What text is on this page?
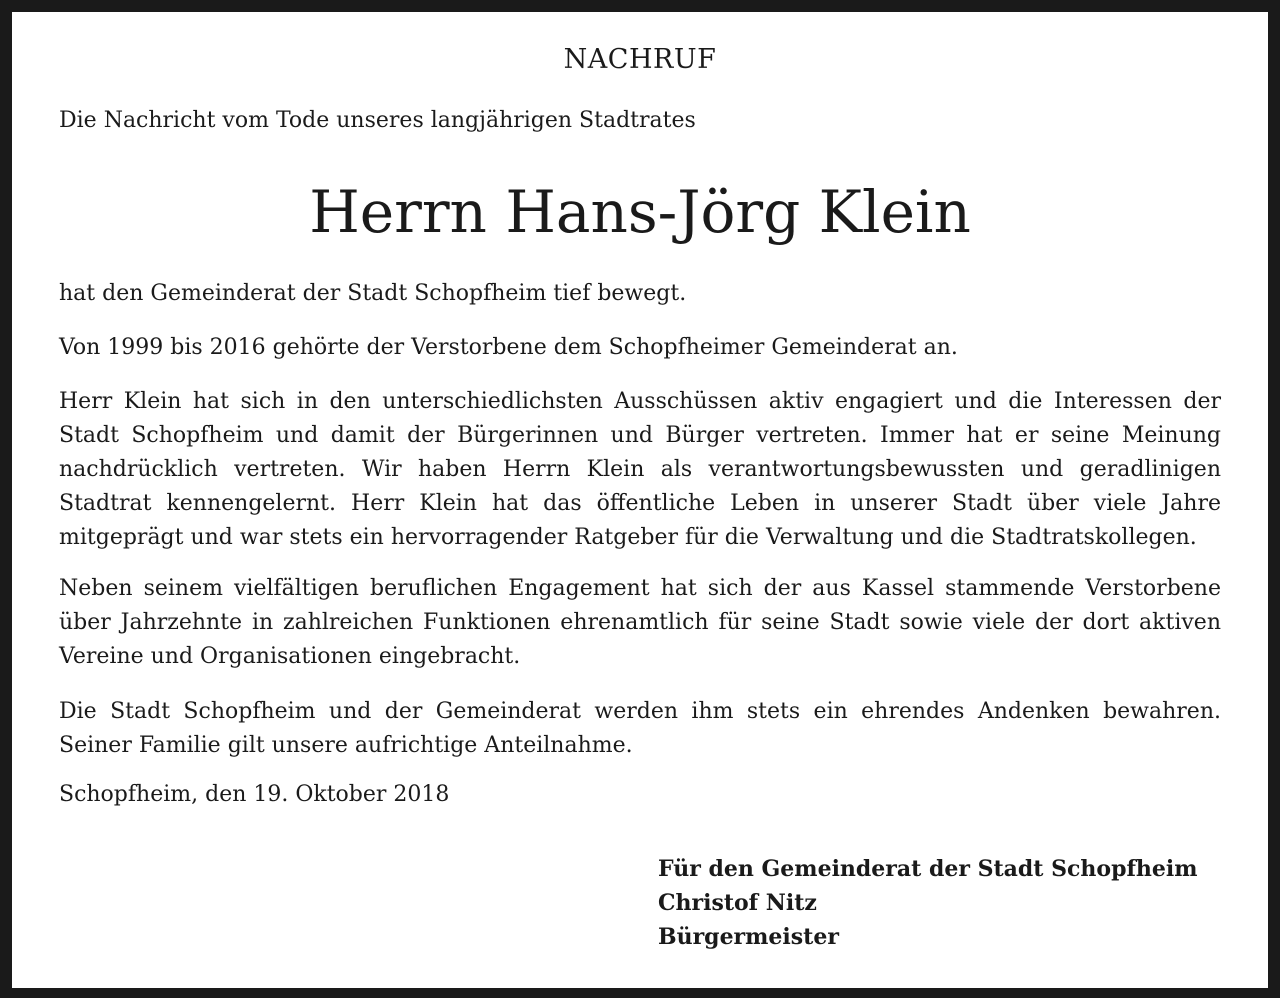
NACHRUF
Die Nachricht vom Tode unseres langjährigen Stadtrates
Herrn Hans-Jörg Klein
hat den Gemeinderat der Stadt Schopfheim tief bewegt.
Von 1999 bis 2016 gehörte der Verstorbene dem Schopfheimer Gemeinderat an.
Herr Klein hat sich in den unterschiedlichsten Ausschüssen aktiv engagiert und die Interessen der Stadt Schopfheim und damit der Bürgerinnen und Bürger vertreten. Immer hat er seine Meinung nachdrücklich vertreten. Wir haben Herrn Klein als verantwortungsbewussten und geradlinigen Stadtrat kennengelernt. Herr Klein hat das öffentliche Leben in unserer Stadt über viele Jahre mitgeprägt und war stets ein hervorragender Ratgeber für die Verwaltung und die Stadtratskollegen.
Neben seinem vielfältigen beruflichen Engagement hat sich der aus Kassel stammende Verstorbene über Jahrzehnte in zahlreichen Funktionen ehrenamtlich für seine Stadt sowie viele der dort aktiven Vereine und Organisationen eingebracht.
Die Stadt Schopfheim und der Gemeinderat werden ihm stets ein ehrendes Andenken bewahren. Seiner Familie gilt unsere aufrichtige Anteilnahme.
Schopfheim, den 19. Oktober 2018
Für den Gemeinderat der Stadt Schopfheim
Christof Nitz
Bürgermeister
